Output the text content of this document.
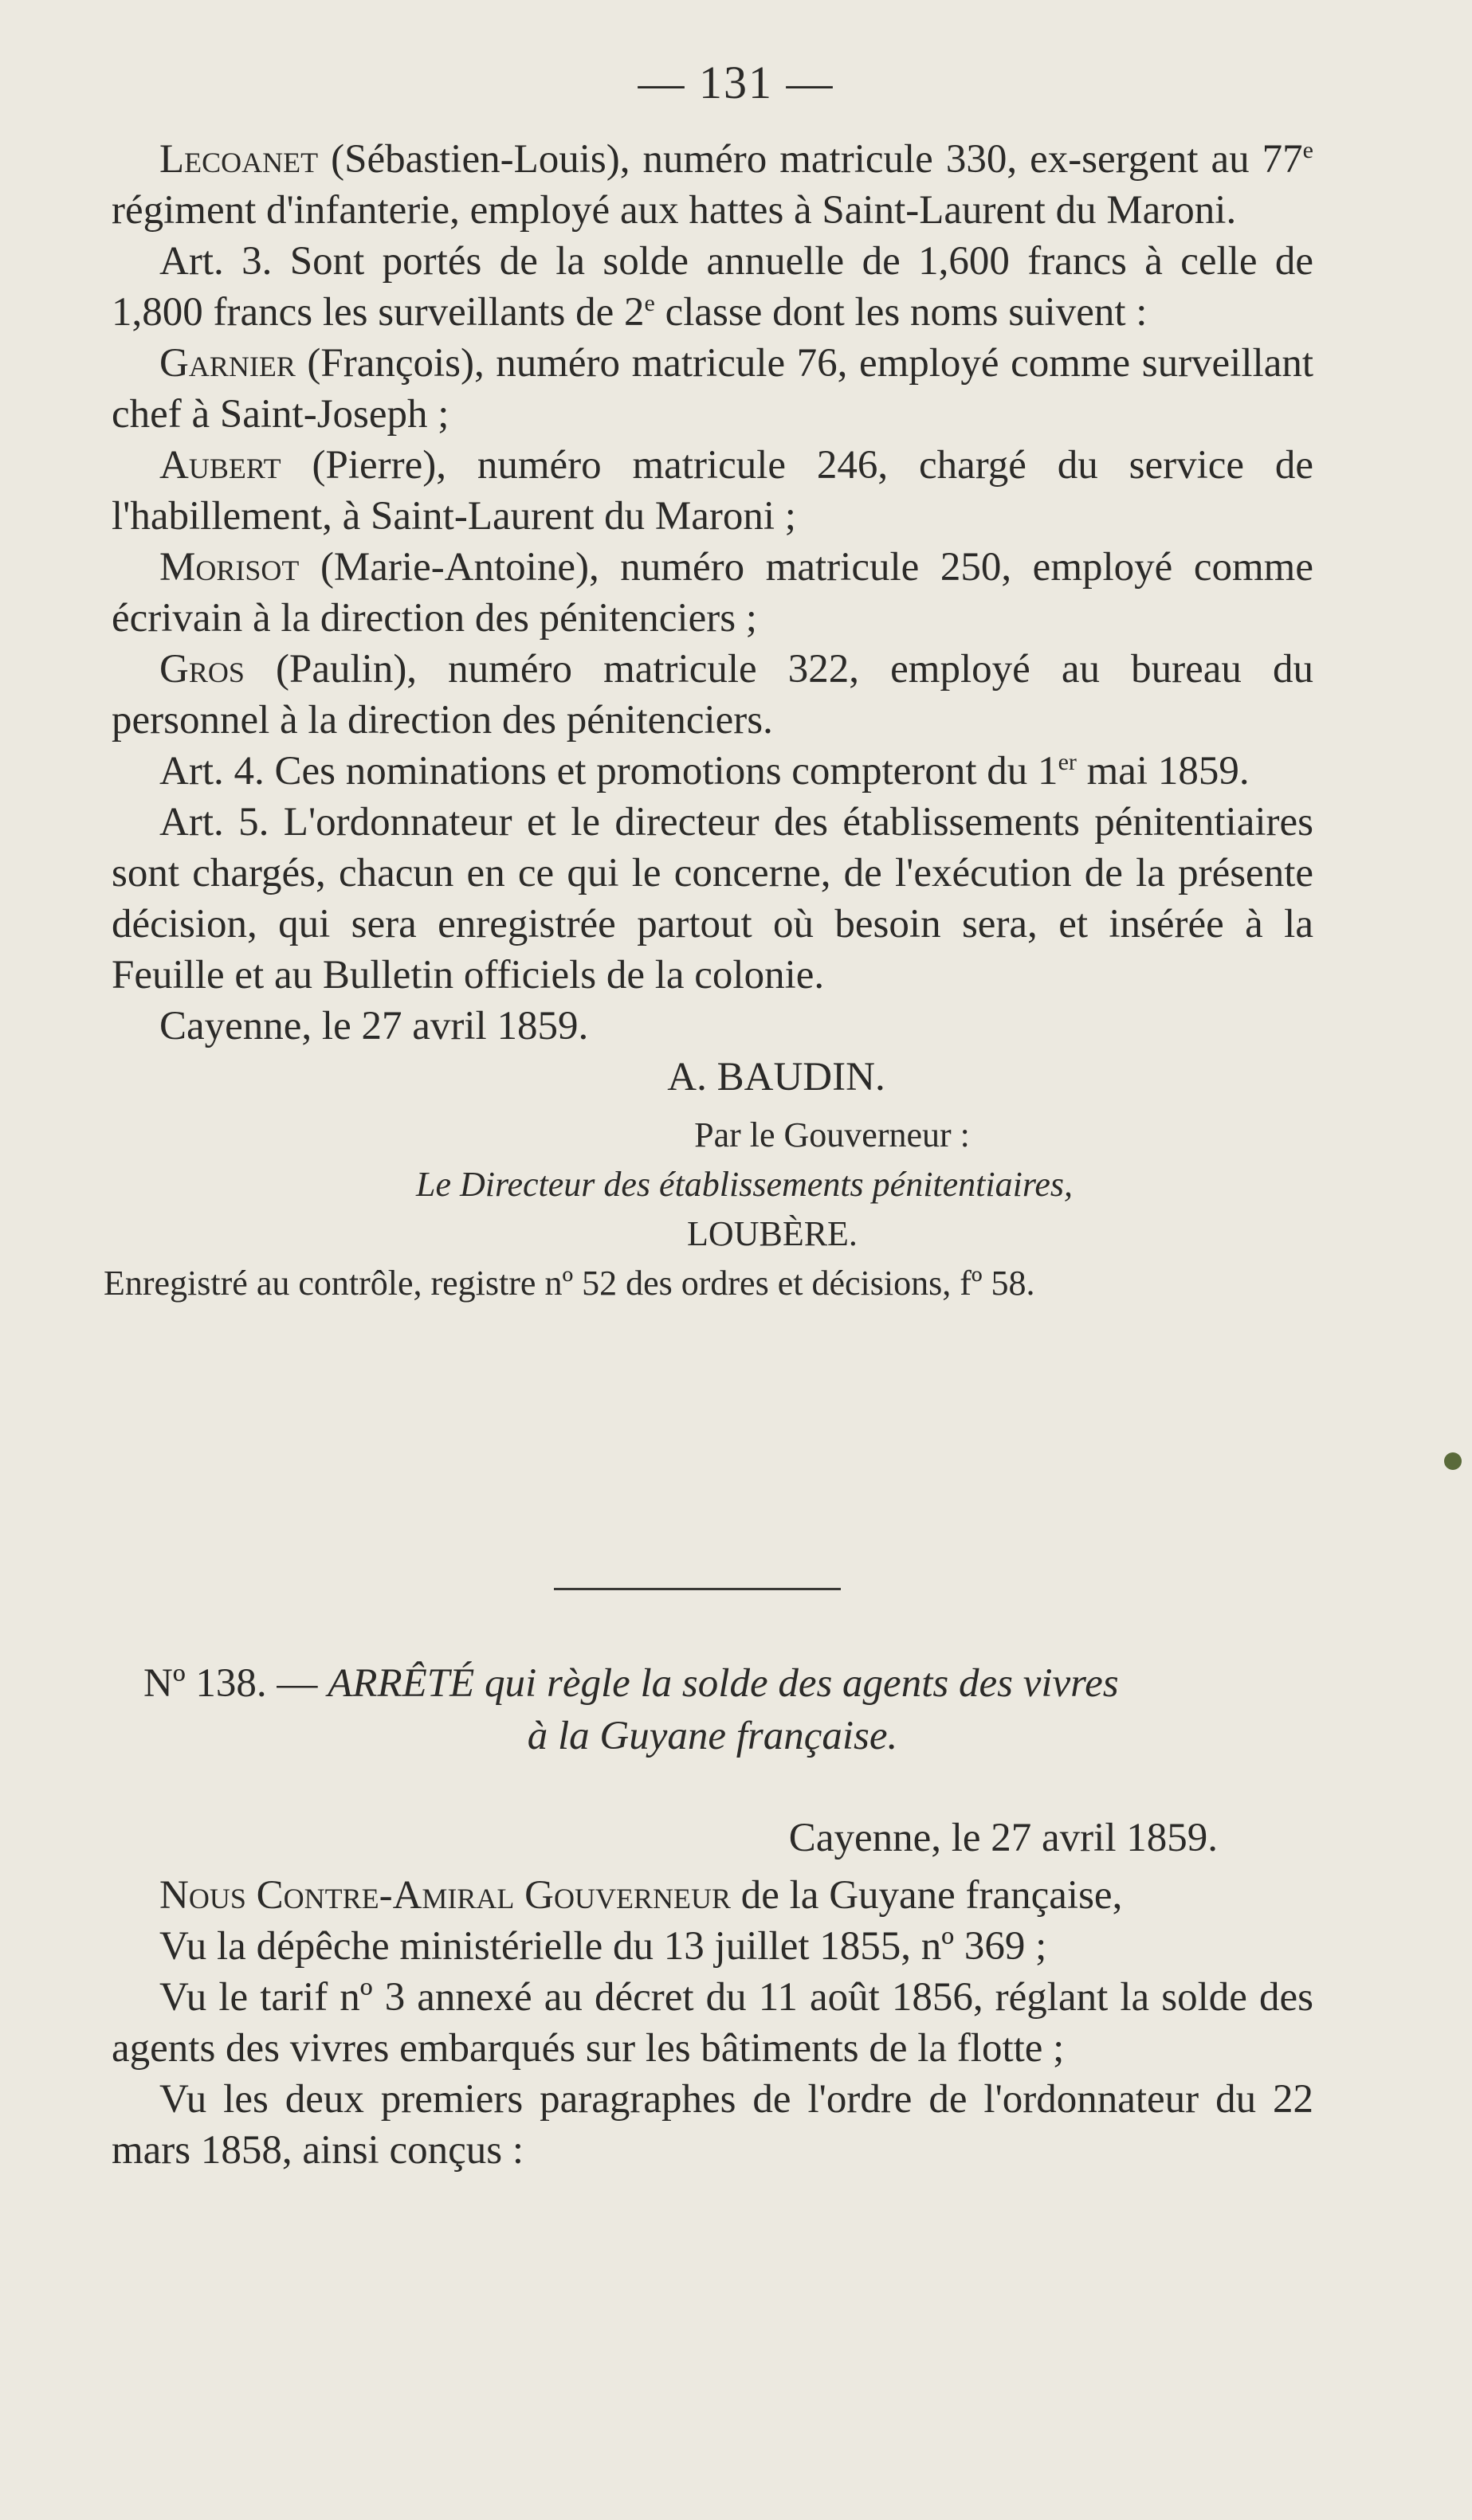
— 131 —

Lecoanet (Sébastien-Louis), numéro matricule 330, ex-sergent au 77e régiment d'infanterie, employé aux hattes à Saint-Laurent du Maroni.

Art. 3. Sont portés de la solde annuelle de 1,600 francs à celle de 1,800 francs les surveillants de 2e classe dont les noms suivent :

Garnier (François), numéro matricule 76, employé comme surveillant chef à Saint-Joseph ;

Aubert (Pierre), numéro matricule 246, chargé du service de l'habillement, à Saint-Laurent du Maroni ;

Morisot (Marie-Antoine), numéro matricule 250, employé comme écrivain à la direction des pénitenciers ;

Gros (Paulin), numéro matricule 322, employé au bureau du personnel à la direction des pénitenciers.

Art. 4. Ces nominations et promotions compteront du 1er mai 1859.

Art. 5. L'ordonnateur et le directeur des établissements pénitentiaires sont chargés, chacun en ce qui le concerne, de l'exécution de la présente décision, qui sera enregistrée partout où besoin sera, et insérée à la Feuille et au Bulletin officiels de la colonie.

Cayenne, le 27 avril 1859.

A. BAUDIN.

Par le Gouverneur :

Le Directeur des établissements pénitentiaires,

LOUBÈRE.

Enregistré au contrôle, registre nº 52 des ordres et décisions, fº 58.

Nº 138. — ARRÊTÉ qui règle la solde des agents des vivres
à la Guyane française.

Cayenne, le 27 avril 1859.

Nous Contre-Amiral Gouverneur de la Guyane française,

Vu la dépêche ministérielle du 13 juillet 1855, nº 369 ;

Vu le tarif nº 3 annexé au décret du 11 août 1856, réglant la solde des agents des vivres embarqués sur les bâtiments de la flotte ;

Vu les deux premiers paragraphes de l'ordre de l'ordonnateur du 22 mars 1858, ainsi conçus :
